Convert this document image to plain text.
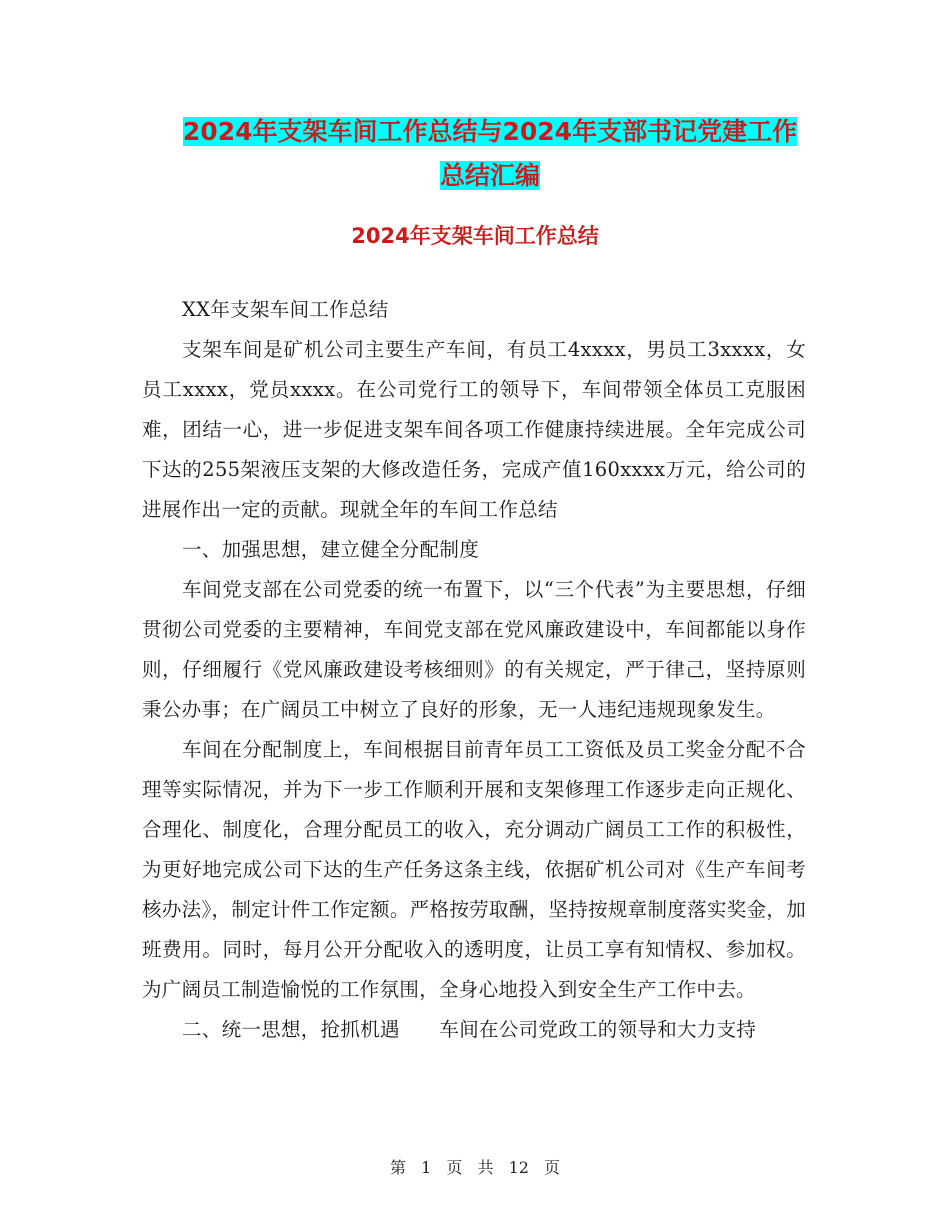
2024年支架车间工作总结与2024年支部书记党建工作
总结汇编
2024年支架车间工作总结

XX年支架车间工作总结

支架车间是矿机公司主要生产车间，有员工4xxxx，男员工3xxxx，女员工xxxx，党员xxxx。在公司党行工的领导下，车间带领全体员工克服困难，团结一心，进一步促进支架车间各项工作健康持续进展。全年完成公司下达的255架液压支架的大修改造任务，完成产值160xxxx万元，给公司的进展作出一定的贡献。现就全年的车间工作总结

一、加强思想，建立健全分配制度

车间党支部在公司党委的统一布置下，以“三个代表”为主要思想，仔细贯彻公司党委的主要精神，车间党支部在党风廉政建设中，车间都能以身作则，仔细履行《党风廉政建设考核细则》的有关规定，严于律己，坚持原则秉公办事；在广阔员工中树立了良好的形象，无一人违纪违规现象发生。

车间在分配制度上，车间根据目前青年员工工资低及员工奖金分配不合理等实际情况，并为下一步工作顺利开展和支架修理工作逐步走向正规化、合理化、制度化，合理分配员工的收入，充分调动广阔员工工作的积极性，为更好地完成公司下达的生产任务这条主线，依据矿机公司对《生产车间考核办法》，制定计件工作定额。严格按劳取酬，坚持按规章制度落实奖金，加班费用。同时，每月公开分配收入的透明度，让员工享有知情权、参加权。为广阔员工制造愉悦的工作氛围，全身心地投入到安全生产工作中去。

二、统一思想，抢抓机遇　　车间在公司党政工的领导和大力支持

第 1 页 共 12 页
